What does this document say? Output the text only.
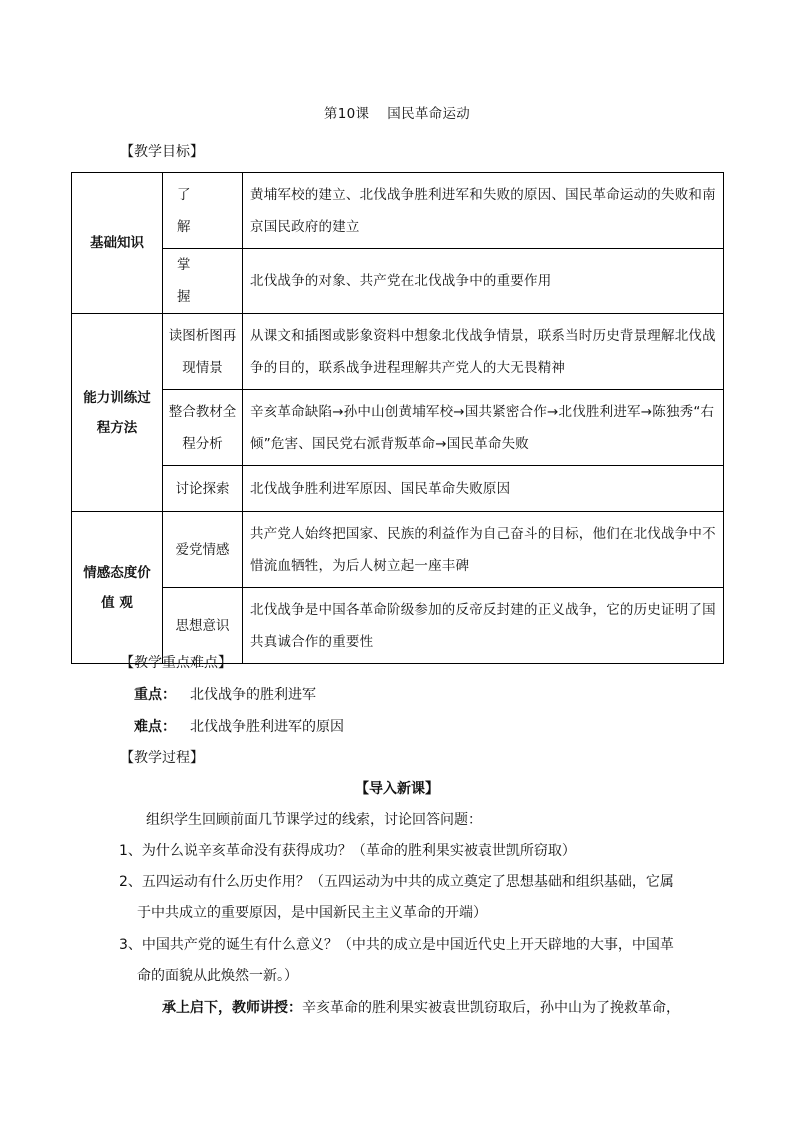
第10课 国民革命运动
【教学目标】
基础知识	了　　解	黄埔军校的建立、北伐战争胜利进军和失败的原因、国民革命运动的失败和南京国民政府的建立
	掌　　握	北伐战争的对象、共产党在北伐战争中的重要作用
能力训练过程方法	读图析图再现情景	从课文和插图或影象资料中想象北伐战争情景，联系当时历史背景理解北伐战争的目的，联系战争进程理解共产党人的大无畏精神
	整合教材全程分析	辛亥革命缺陷→孙中山创黄埔军校→国共紧密合作→北伐胜利进军→陈独秀“右倾”危害、国民党右派背叛革命→国民革命失败
	讨论探索	北伐战争胜利进军原因、国民革命失败原因
情感态度价值 观	爱党情感	共产党人始终把国家、民族的利益作为自己奋斗的目标，他们在北伐战争中不惜流血牺牲，为后人树立起一座丰碑
	思想意识	北伐战争是中国各革命阶级参加的反帝反封建的正义战争，它的历史证明了国共真诚合作的重要性
【教学重点难点】
重点： 北伐战争的胜利进军
难点： 北伐战争胜利进军的原因
【教学过程】
【导入新课】
组织学生回顾前面几节课学过的线索，讨论回答问题：
1、为什么说辛亥革命没有获得成功？（革命的胜利果实被袁世凯所窃取）
2、五四运动有什么历史作用？（五四运动为中共的成立奠定了思想基础和组织基础，它属
于中共成立的重要原因，是中国新民主主义革命的开端）
3、中国共产党的诞生有什么意义？（中共的成立是中国近代史上开天辟地的大事，中国革
命的面貌从此焕然一新。）
承上启下，教师讲授：辛亥革命的胜利果实被袁世凯窃取后，孙中山为了挽救革命，
